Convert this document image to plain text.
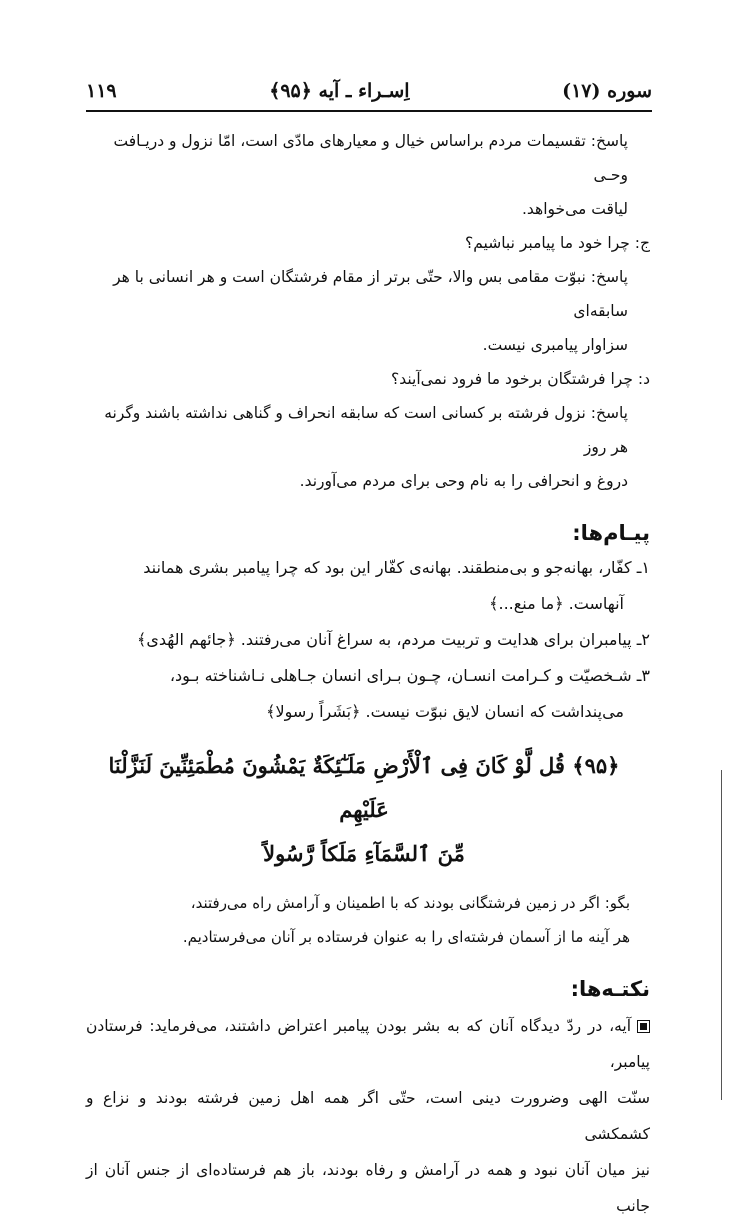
سوره (۱۷)
اِسـراء ـ آیه ﴿۹۵﴾
۱۱۹
پاسخ: تقسیمات مردم براساس خیال و معیارهای مادّی است، امّا نزول و دریـافت وحـی
لیاقت می‌خواهد.
ج: چرا خود ما پیامبر نباشیم؟
پاسخ: نبوّت مقامی بس والا، حتّی برتر از مقام فرشتگان است و هر انسانی با هر سابقه‌ای
سزاوار پیامبری نیست.
د: چرا فرشتگان برخود ما فرود نمی‌آیند؟
پاسخ: نزول فرشته بر کسانی است که سابقه انحراف و گناهی نداشته باشند وگرنه هر روز
دروغ و انحرافی را به نام وحی برای مردم می‌آورند.
پیـام‌ها:
۱ـ کفّار، بهانه‌جو و بی‌منطقند. بهانه‌ی کفّار این بود که چرا پیامبر بشری همانند
آنهاست. ﴿ما منع...﴾
۲ـ پیامبران برای هدایت و تربیت مردم، به سراغ آنان می‌رفتند. ﴿جائهم الهُدی﴾
۳ـ شـخصیّت و کـرامت انسـان، چـون بـرای انسان جـاهلی نـاشناخته بـود،
می‌پنداشت که انسان لایق نبوّت نیست. ﴿بَشَراً رسولا﴾
﴿۹۵﴾ قُل لَّوْ كَانَ فِى ٱلْأَرْضِ مَلَـٰٓئِكَةٌ يَمْشُونَ مُطْمَئِنِّينَ لَنَزَّلْنَا عَلَيْهِم
مِّنَ ٱلسَّمَآءِ مَلَكاً رَّسُولاً
بگو: اگر در زمین فرشتگانی بودند که با اطمینان و آرامش راه می‌رفتند،
هر آینه ما از آسمان فرشته‌ای را به عنوان فرستاده بر آنان می‌فرستادیم.
نکتـه‌ها:
آیه، در ردّ دیدگاه آنان که به بشر بودن پیامبر اعتراض داشتند، می‌فرماید: فرستادن پیامبر،
سنّت الهی وضرورت دینی است، حتّی اگر همه اهل زمین فرشته بودند و نزاع و کشمکشی
نیز میان آنان نبود و همه در آرامش و رفاه بودند، باز هم فرستاده‌ای از جنس آنان از جانب
